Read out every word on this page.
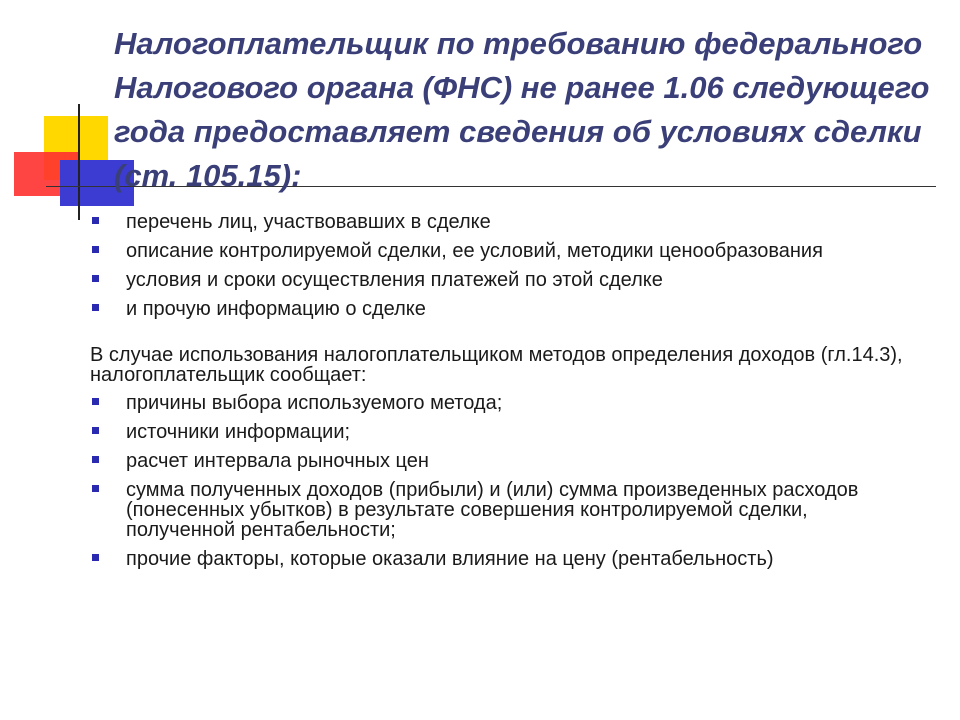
Налогоплательщик по требованию федерального Налогового органа (ФНС) не ранее 1.06 следующего года предоставляет сведения об условиях сделки (ст. 105.15):
перечень лиц, участвовавших в сделке
описание контролируемой сделки, ее условий, методики ценообразования
условия и сроки осуществления платежей по этой сделке
и прочую информацию о сделке

В случае использования налогоплательщиком методов определения доходов (гл.14.3), налогоплательщик сообщает:

причины выбора используемого метода;
источники информации;
расчет интервала рыночных цен
сумма полученных доходов (прибыли) и (или) сумма произведенных расходов (понесенных убытков) в результате совершения контролируемой сделки, полученной рентабельности;
прочие факторы, которые оказали влияние на цену (рентабельность)
